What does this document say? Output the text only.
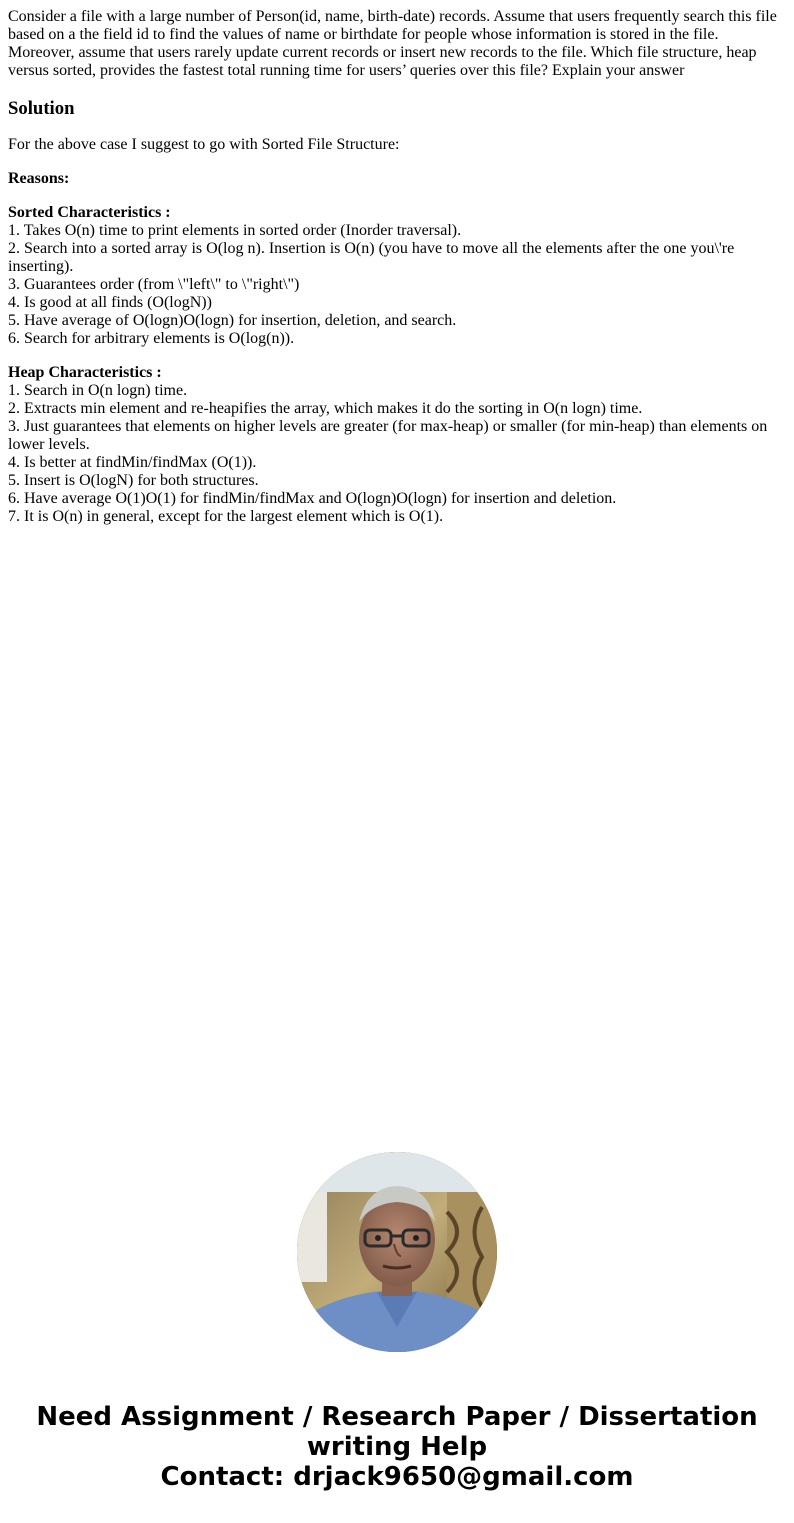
Consider a file with a large number of Person(id, name, birth-date) records. Assume that users frequently search this file based on a the field id to find the values of name or birthdate for people whose information is stored in the file. Moreover, assume that users rarely update current records or insert new records to the file. Which file structure, heap versus sorted, provides the fastest total running time for users’ queries over this file? Explain your answer

Solution

For the above case I suggest to go with Sorted File Structure:

Reasons:

Sorted Characteristics :
1. Takes O(n) time to print elements in sorted order (Inorder traversal).
2. Search into a sorted array is O(log n). Insertion is O(n) (you have to move all the elements after the one you\'re inserting).
3. Guarantees order (from \"left\" to \"right\")
4. Is good at all finds (O(logN))
5. Have average of O(logn)O(logn) for insertion, deletion, and search.
6. Search for arbitrary elements is O(log(n)).
Heap Characteristics :
1. Search in O(n logn) time.
2. Extracts min element and re-heapifies the array, which makes it do the sorting in O(n logn) time.
3. Just guarantees that elements on higher levels are greater (for max-heap) or smaller (for min-heap) than elements on lower levels.
4. Is better at findMin/findMax (O(1)).
5. Insert is O(logN) for both structures.
6. Have average O(1)O(1) for findMin/findMax and O(logn)O(logn) for insertion and deletion.
7. It is O(n) in general, except for the largest element which is O(1).
Need Assignment / Research Paper / Dissertation
writing Help
Contact: drjack9650@gmail.com
